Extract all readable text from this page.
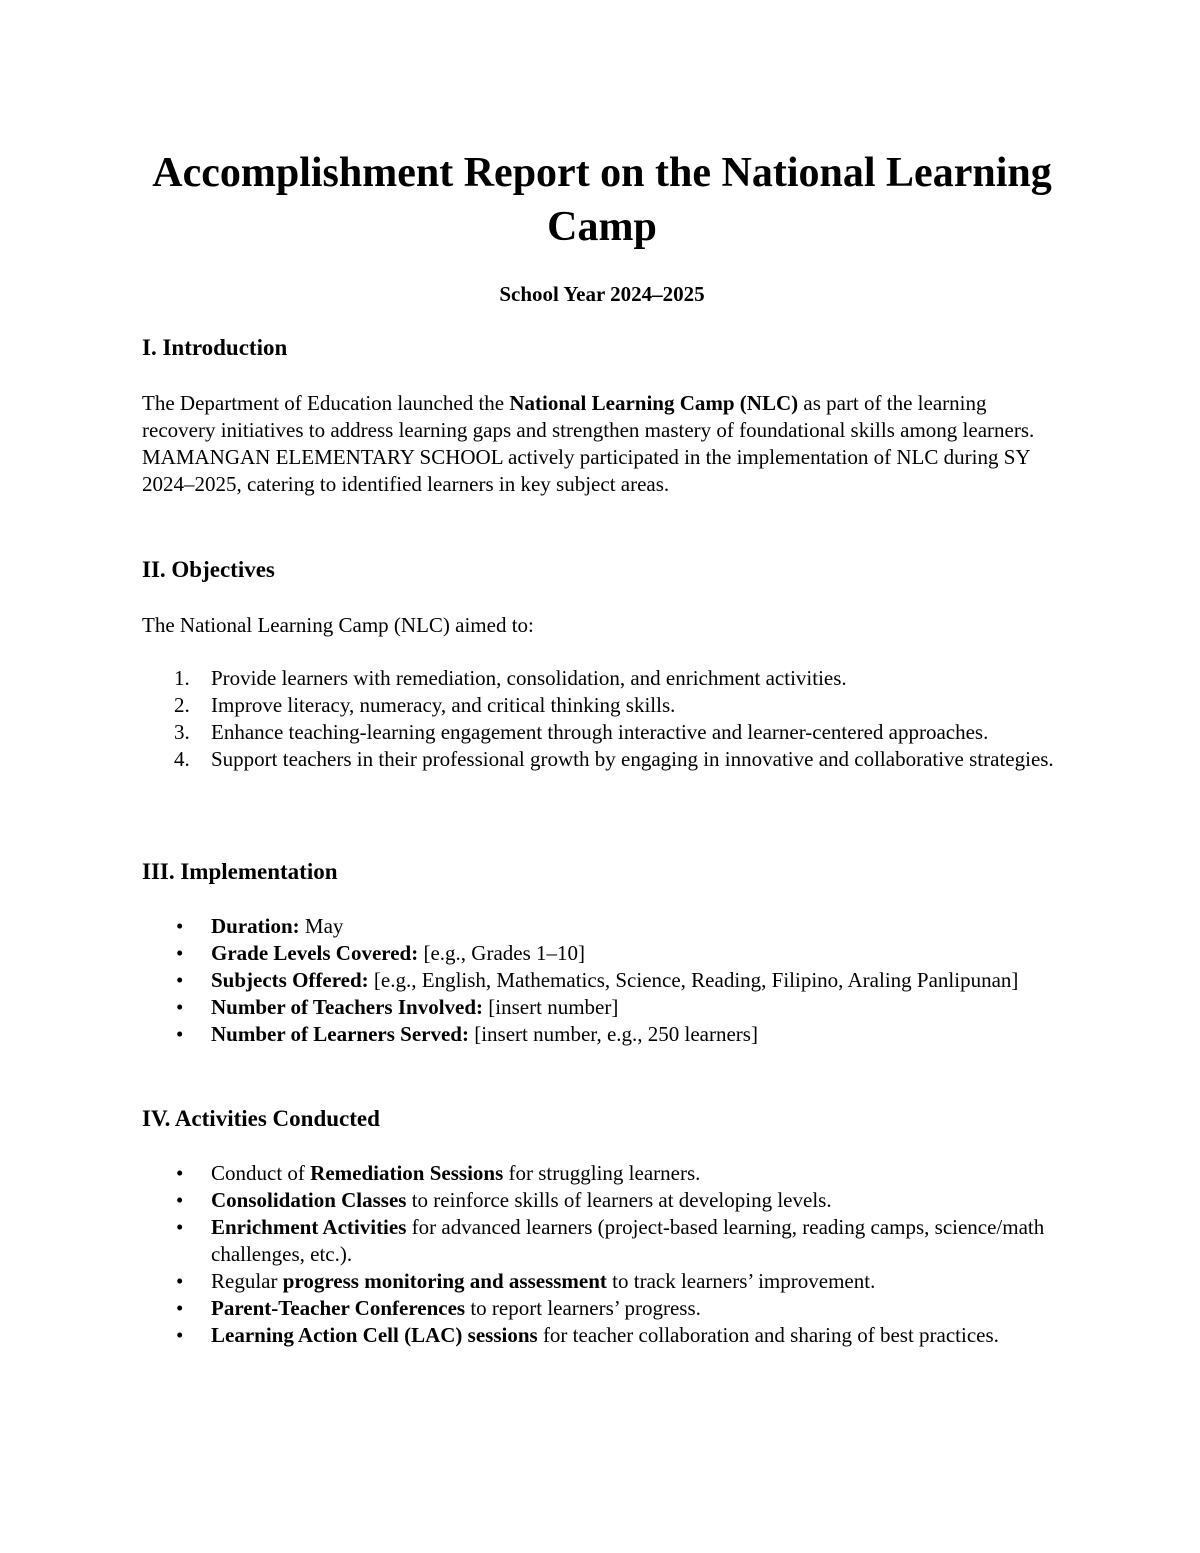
Accomplishment Report on the National Learning Camp

School Year 2024–2025

I. Introduction

The Department of Education launched the National Learning Camp (NLC) as part of the learning recovery initiatives to address learning gaps and strengthen mastery of foundational skills among learners. MAMANGAN ELEMENTARY SCHOOL actively participated in the implementation of NLC during SY 2024–2025, catering to identified learners in key subject areas.

II. Objectives

The National Learning Camp (NLC) aimed to:

1. Provide learners with remediation, consolidation, and enrichment activities.
2. Improve literacy, numeracy, and critical thinking skills.
3. Enhance teaching-learning engagement through interactive and learner-centered approaches.
4. Support teachers in their professional growth by engaging in innovative and collaborative strategies.
III. Implementation
• Duration: May
• Grade Levels Covered: [e.g., Grades 1–10]
• Subjects Offered: [e.g., English, Mathematics, Science, Reading, Filipino, Araling Panlipunan]
• Number of Teachers Involved: [insert number]
• Number of Learners Served: [insert number, e.g., 250 learners]
IV. Activities Conducted
• Conduct of Remediation Sessions for struggling learners.
• Consolidation Classes to reinforce skills of learners at developing levels.
• Enrichment Activities for advanced learners (project-based learning, reading camps, science/math challenges, etc.).
• Regular progress monitoring and assessment to track learners’ improvement.
• Parent-Teacher Conferences to report learners’ progress.
• Learning Action Cell (LAC) sessions for teacher collaboration and sharing of best practices.
